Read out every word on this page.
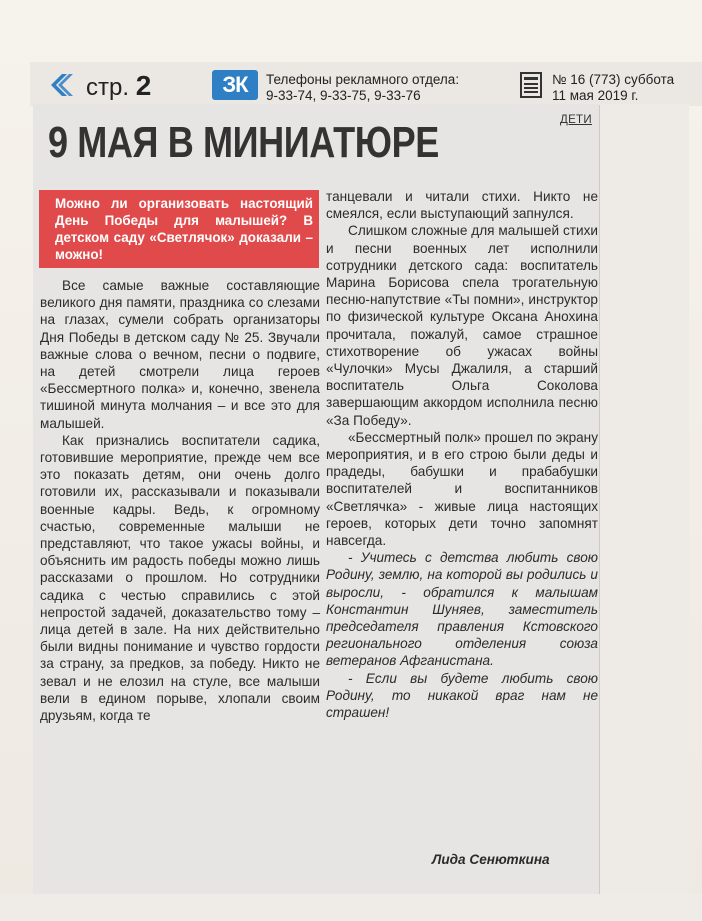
стр. 2	ЗК	Телефоны рекламного отдела:
9-33-74, 9-33-75, 9-33-76
№ 16 (773) суббота
11 мая 2019 г.
ДЕТИ
9 МАЯ В МИНИАТЮРЕ
Можно ли организовать настоящий День Победы для малышей? В детском саду «Светлячок» доказали – можно!

Все самые важные составляющие великого дня памяти, праздника со слезами на глазах, сумели собрать организаторы Дня Победы в детском саду № 25. Звучали важные слова о вечном, песни о подвиге, на детей смотрели лица героев «Бессмертного полка» и, конечно, звенела тишиной минута молчания – и все это для малышей.

Как признались воспитатели садика, готовившие мероприятие, прежде чем все это показать детям, они очень долго готовили их, рассказывали и показывали военные кадры. Ведь, к огромному счастью, современные малыши не представляют, что такое ужасы войны, и объяснить им радость победы можно лишь рассказами о прошлом. Но сотрудники садика с честью справились с этой непростой задачей, доказательство тому – лица детей в зале. На них действительно были видны понимание и чувство гордости за страну, за предков, за победу. Никто не зевал и не елозил на стуле, все малыши вели в едином порыве, хлопали своим друзьям, когда те

танцевали и читали стихи. Никто не смеялся, если выступающий запнулся.

Слишком сложные для малышей стихи и песни военных лет исполнили сотрудники детского сада: воспитатель Марина Борисова спела трогательную песню-напутствие «Ты помни», инструктор по физической культуре Оксана Анохина прочитала, пожалуй, самое страшное стихотворение об ужасах войны «Чулочки» Мусы Джалиля, а старший воспитатель Ольга Соколова завершающим аккордом исполнила песню «За Победу».

«Бессмертный полк» прошел по экрану мероприятия, и в его строю были деды и прадеды, бабушки и прабабушки воспитателей и воспитанников «Светлячка» - живые лица настоящих героев, которых дети точно запомнят навсегда.

- Учитесь с детства любить свою Родину, землю, на которой вы родились и выросли, - обратился к малышам Константин Шуняев, заместитель председателя правления Кстовского регионального отделения союза ветеранов Афганистана.

- Если вы будете любить свою Родину, то никакой враг нам не страшен!

Лида Сенюткина
